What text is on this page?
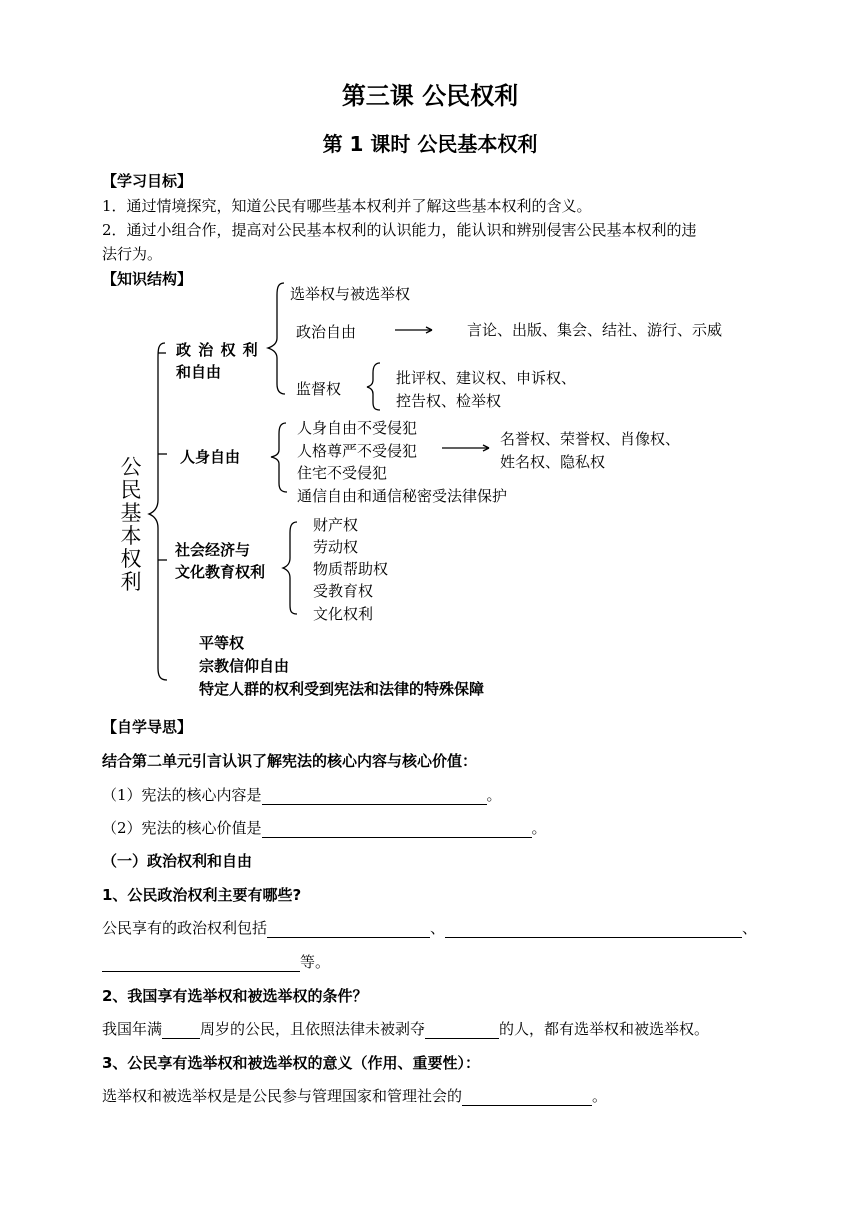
第三课 公民权利
第 1 课时 公民基本权利
【学习目标】
1．通过情境探究，知道公民有哪些基本权利并了解这些基本权利的含义。
2．通过小组合作，提高对公民基本权利的认识能力，能认识和辨别侵害公民基本权利的违
法行为。
【知识结构】
公民基本权利
政 治 权 利
和自由
选举权与被选举权
政治自由	言论、出版、集会、结社、游行、示威
监督权
批评权、建议权、申诉权、
控告权、检举权
人身自由
人身自由不受侵犯
人格尊严不受侵犯
住宅不受侵犯
通信自由和通信秘密受法律保护
名誉权、荣誉权、肖像权、
姓名权、隐私权
社会经济与
文化教育权利
财产权
劳动权
物质帮助权
受教育权
文化权利
平等权
宗教信仰自由
特定人群的权利受到宪法和法律的特殊保障
【自学导思】
结合第二单元引言认识了解宪法的核心内容与核心价值：
（1）宪法的核心内容是	。
（2）宪法的核心价值是	。
（一）政治权利和自由
1、公民政治权利主要有哪些?
公民享有的政治权利包括	、	、
等。
2、我国享有选举权和被选举权的条件？
我国年满	周岁的公民，且依照法律未被剥夺	的人，都有选举权和被选举权。
3、公民享有选举权和被选举权的意义（作用、重要性）：
选举权和被选举权是是公民参与管理国家和管理社会的	。
